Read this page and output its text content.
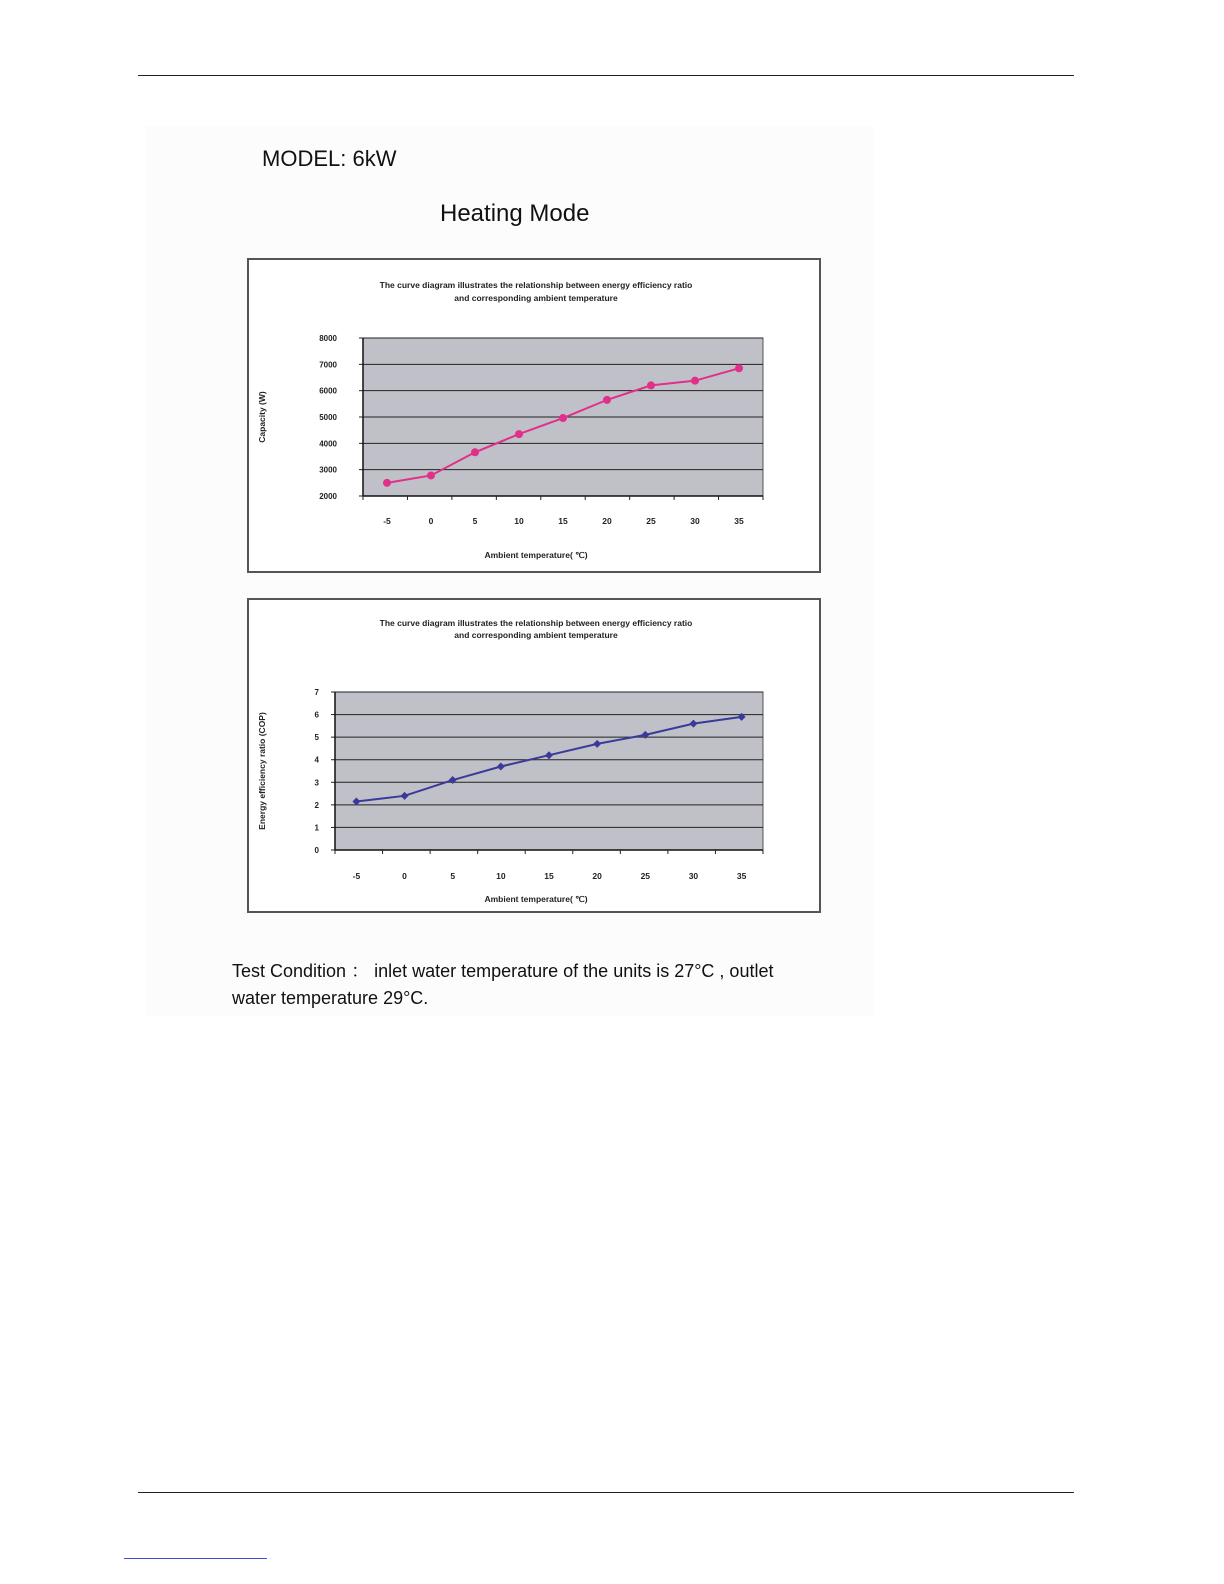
MODEL: 6kW
Heating Mode
The curve diagram illustrates the relationship between energy efficiency ratio
and corresponding ambient temperature
2000
3000
4000
5000
6000
7000
8000
-5	0	5	10	15	20	25	30	35
Ambient temperature( ℃)
Capacity (W)
The curve diagram illustrates the relationship between energy efficiency ratio
and corresponding ambient temperature
0
1
2
3
4
5
6
7
-5	0	5	10	15	20	25	30	35
Ambient temperature( ℃)
Energy efficiency ratio (COP)

Test Condition ： inlet water temperature of the units is 27°C , outlet

water temperature 29°C.
